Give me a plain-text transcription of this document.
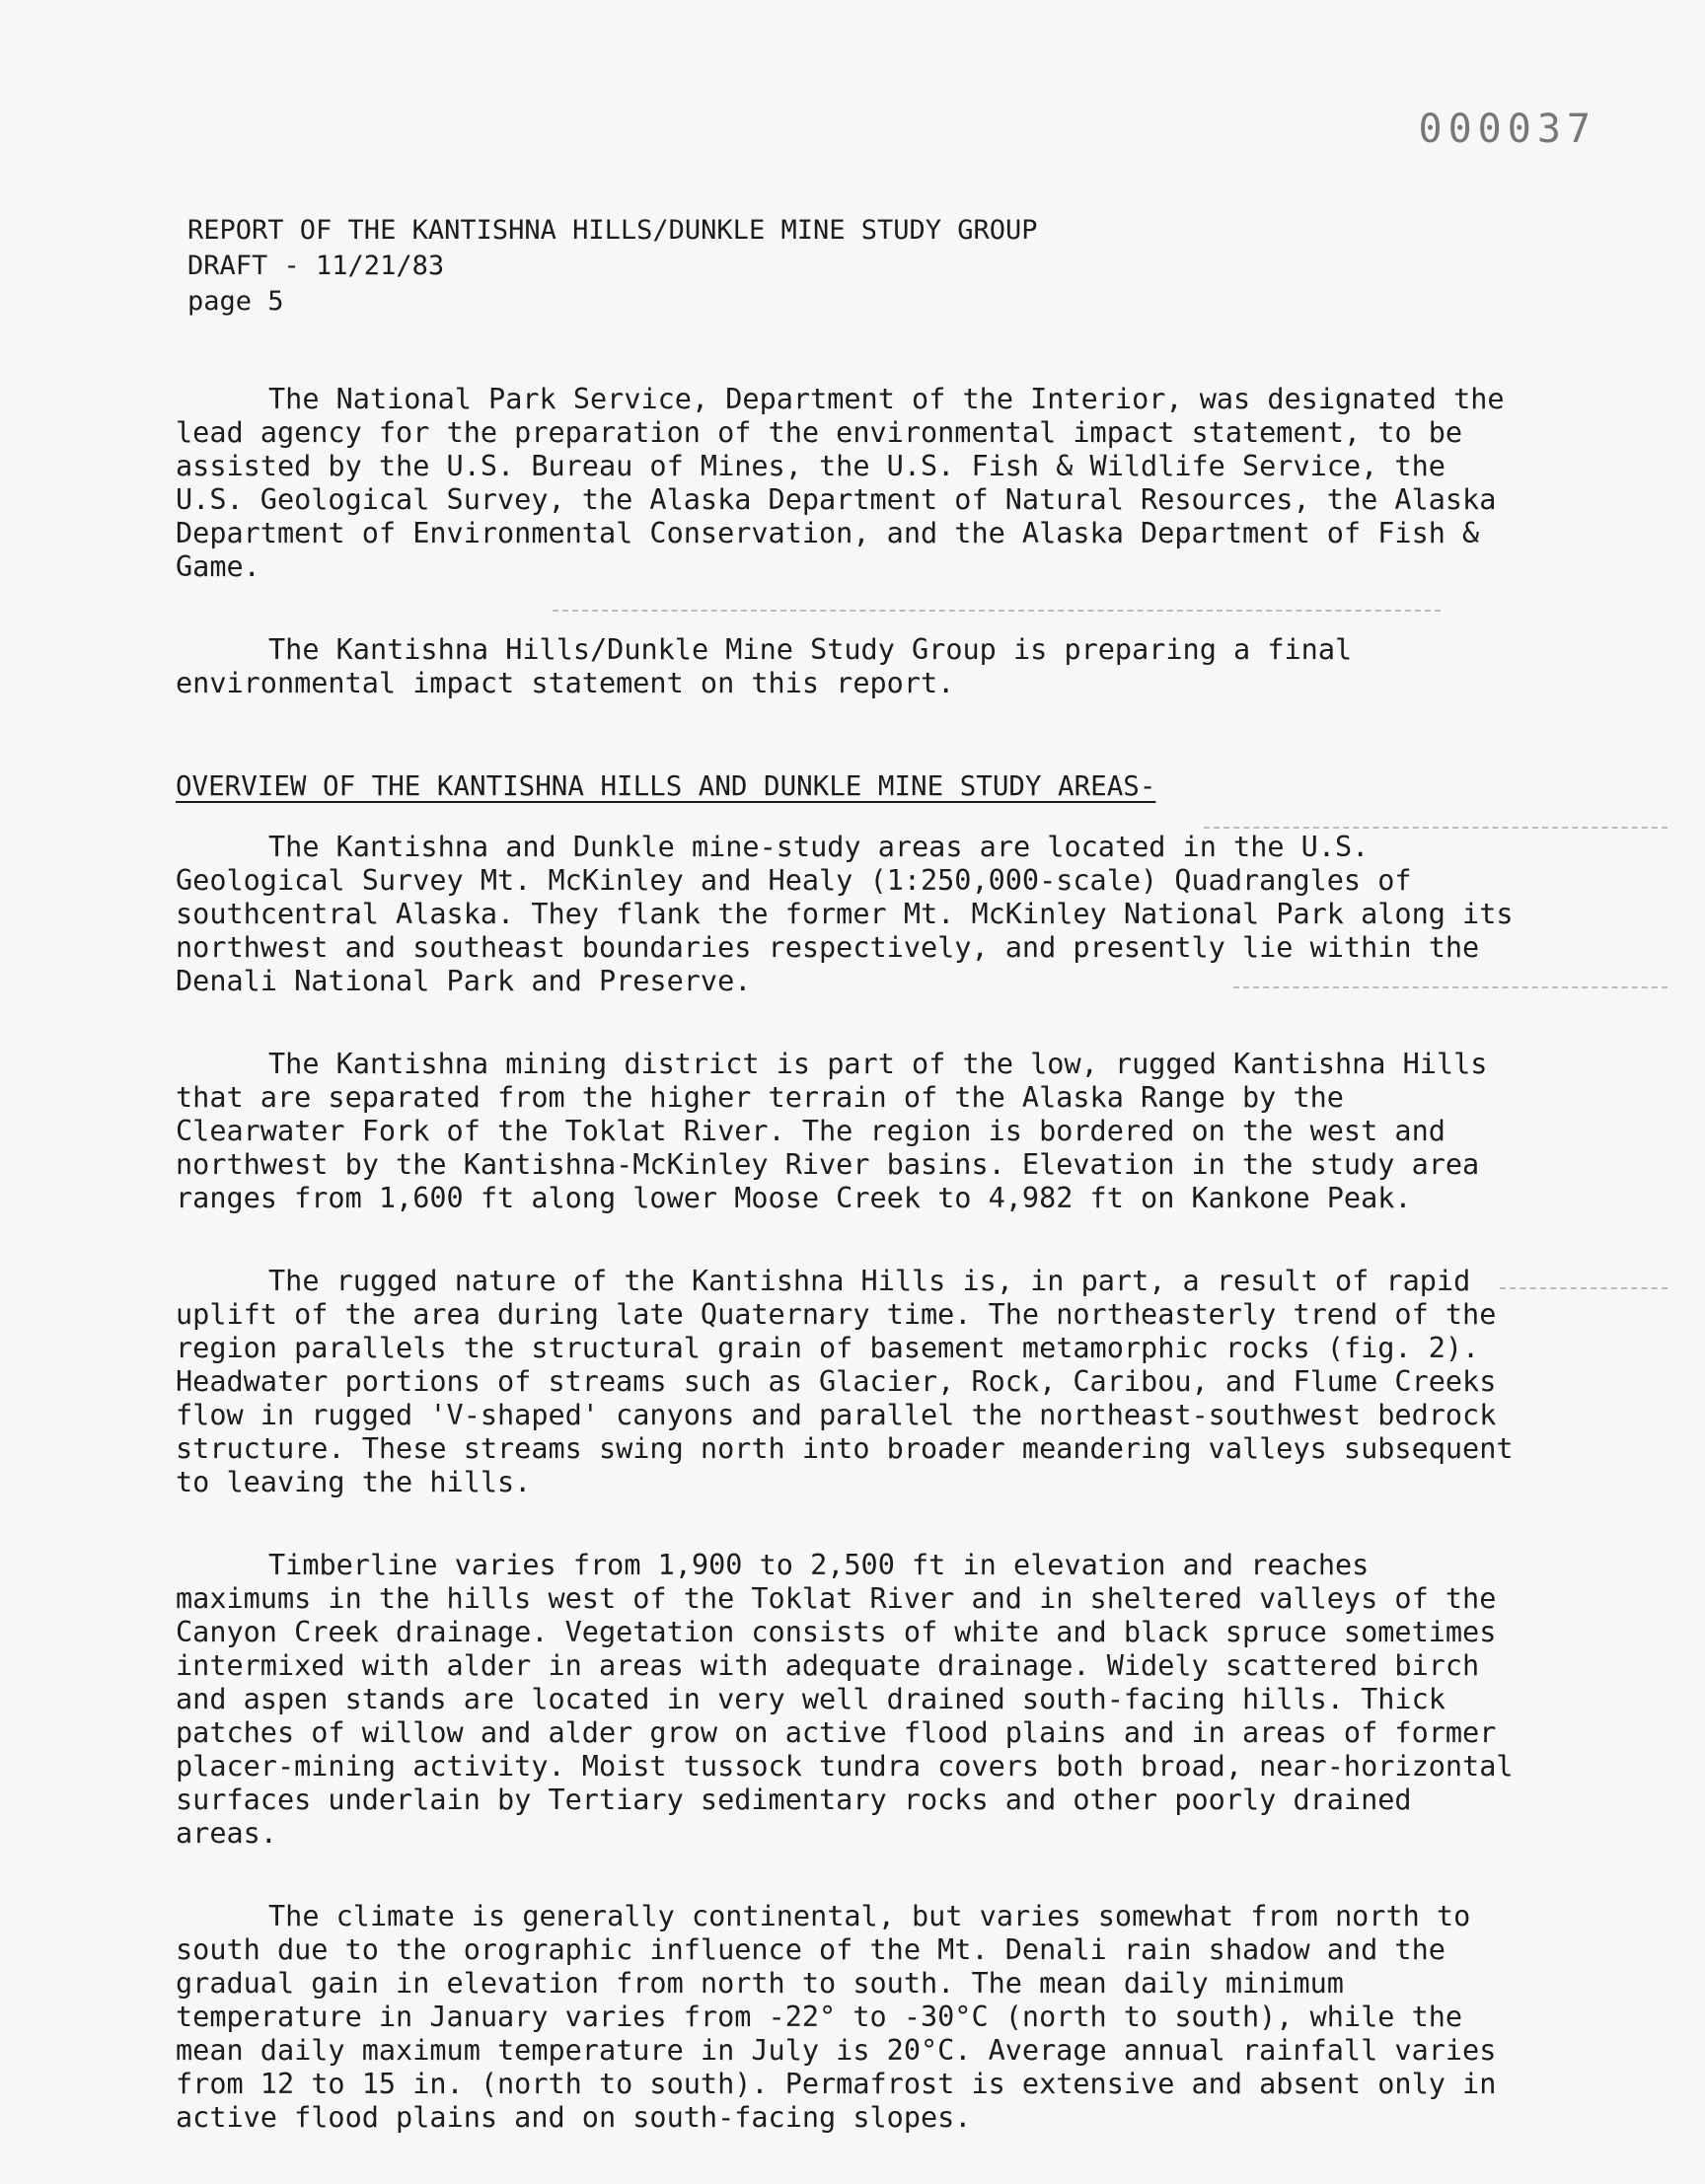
000037
REPORT OF THE KANTISHNA HILLS/DUNKLE MINE STUDY GROUP
DRAFT - 11/21/83
page 5

The National Park Service, Department of the Interior, was designated the lead agency for the preparation of the environmental impact statement, to be assisted by the U.S. Bureau of Mines, the U.S. Fish & Wildlife Service, the U.S. Geological Survey, the Alaska Department of Natural Resources, the Alaska Department of Environmental Conservation, and the Alaska Department of Fish & Game.

The Kantishna Hills/Dunkle Mine Study Group is preparing a final environmental impact statement on this report.

OVERVIEW OF THE KANTISHNA HILLS AND DUNKLE MINE STUDY AREAS-

The Kantishna and Dunkle mine-study areas are located in the U.S. Geological Survey Mt. McKinley and Healy (1:250,000-scale) Quadrangles of southcentral Alaska. They flank the former Mt. McKinley National Park along its northwest and southeast boundaries respectively, and presently lie within the Denali National Park and Preserve.

The Kantishna mining district is part of the low, rugged Kantishna Hills that are separated from the higher terrain of the Alaska Range by the Clearwater Fork of the Toklat River. The region is bordered on the west and northwest by the Kantishna-McKinley River basins. Elevation in the study area ranges from 1,600 ft along lower Moose Creek to 4,982 ft on Kankone Peak.

The rugged nature of the Kantishna Hills is, in part, a result of rapid uplift of the area during late Quaternary time. The northeasterly trend of the region parallels the structural grain of basement metamorphic rocks (fig. 2). Headwater portions of streams such as Glacier, Rock, Caribou, and Flume Creeks flow in rugged 'V-shaped' canyons and parallel the northeast-southwest bedrock structure. These streams swing north into broader meandering valleys subsequent to leaving the hills.

Timberline varies from 1,900 to 2,500 ft in elevation and reaches maximums in the hills west of the Toklat River and in sheltered valleys of the Canyon Creek drainage. Vegetation consists of white and black spruce sometimes intermixed with alder in areas with adequate drainage. Widely scattered birch and aspen stands are located in very well drained south-facing hills. Thick patches of willow and alder grow on active flood plains and in areas of former placer-mining activity. Moist tussock tundra covers both broad, near-horizontal surfaces underlain by Tertiary sedimentary rocks and other poorly drained areas.

The climate is generally continental, but varies somewhat from north to south due to the orographic influence of the Mt. Denali rain shadow and the gradual gain in elevation from north to south. The mean daily minimum temperature in January varies from -22° to -30°C (north to south), while the mean daily maximum temperature in July is 20°C. Average annual rainfall varies from 12 to 15 in. (north to south). Permafrost is extensive and absent only in active flood plains and on south-facing slopes.
